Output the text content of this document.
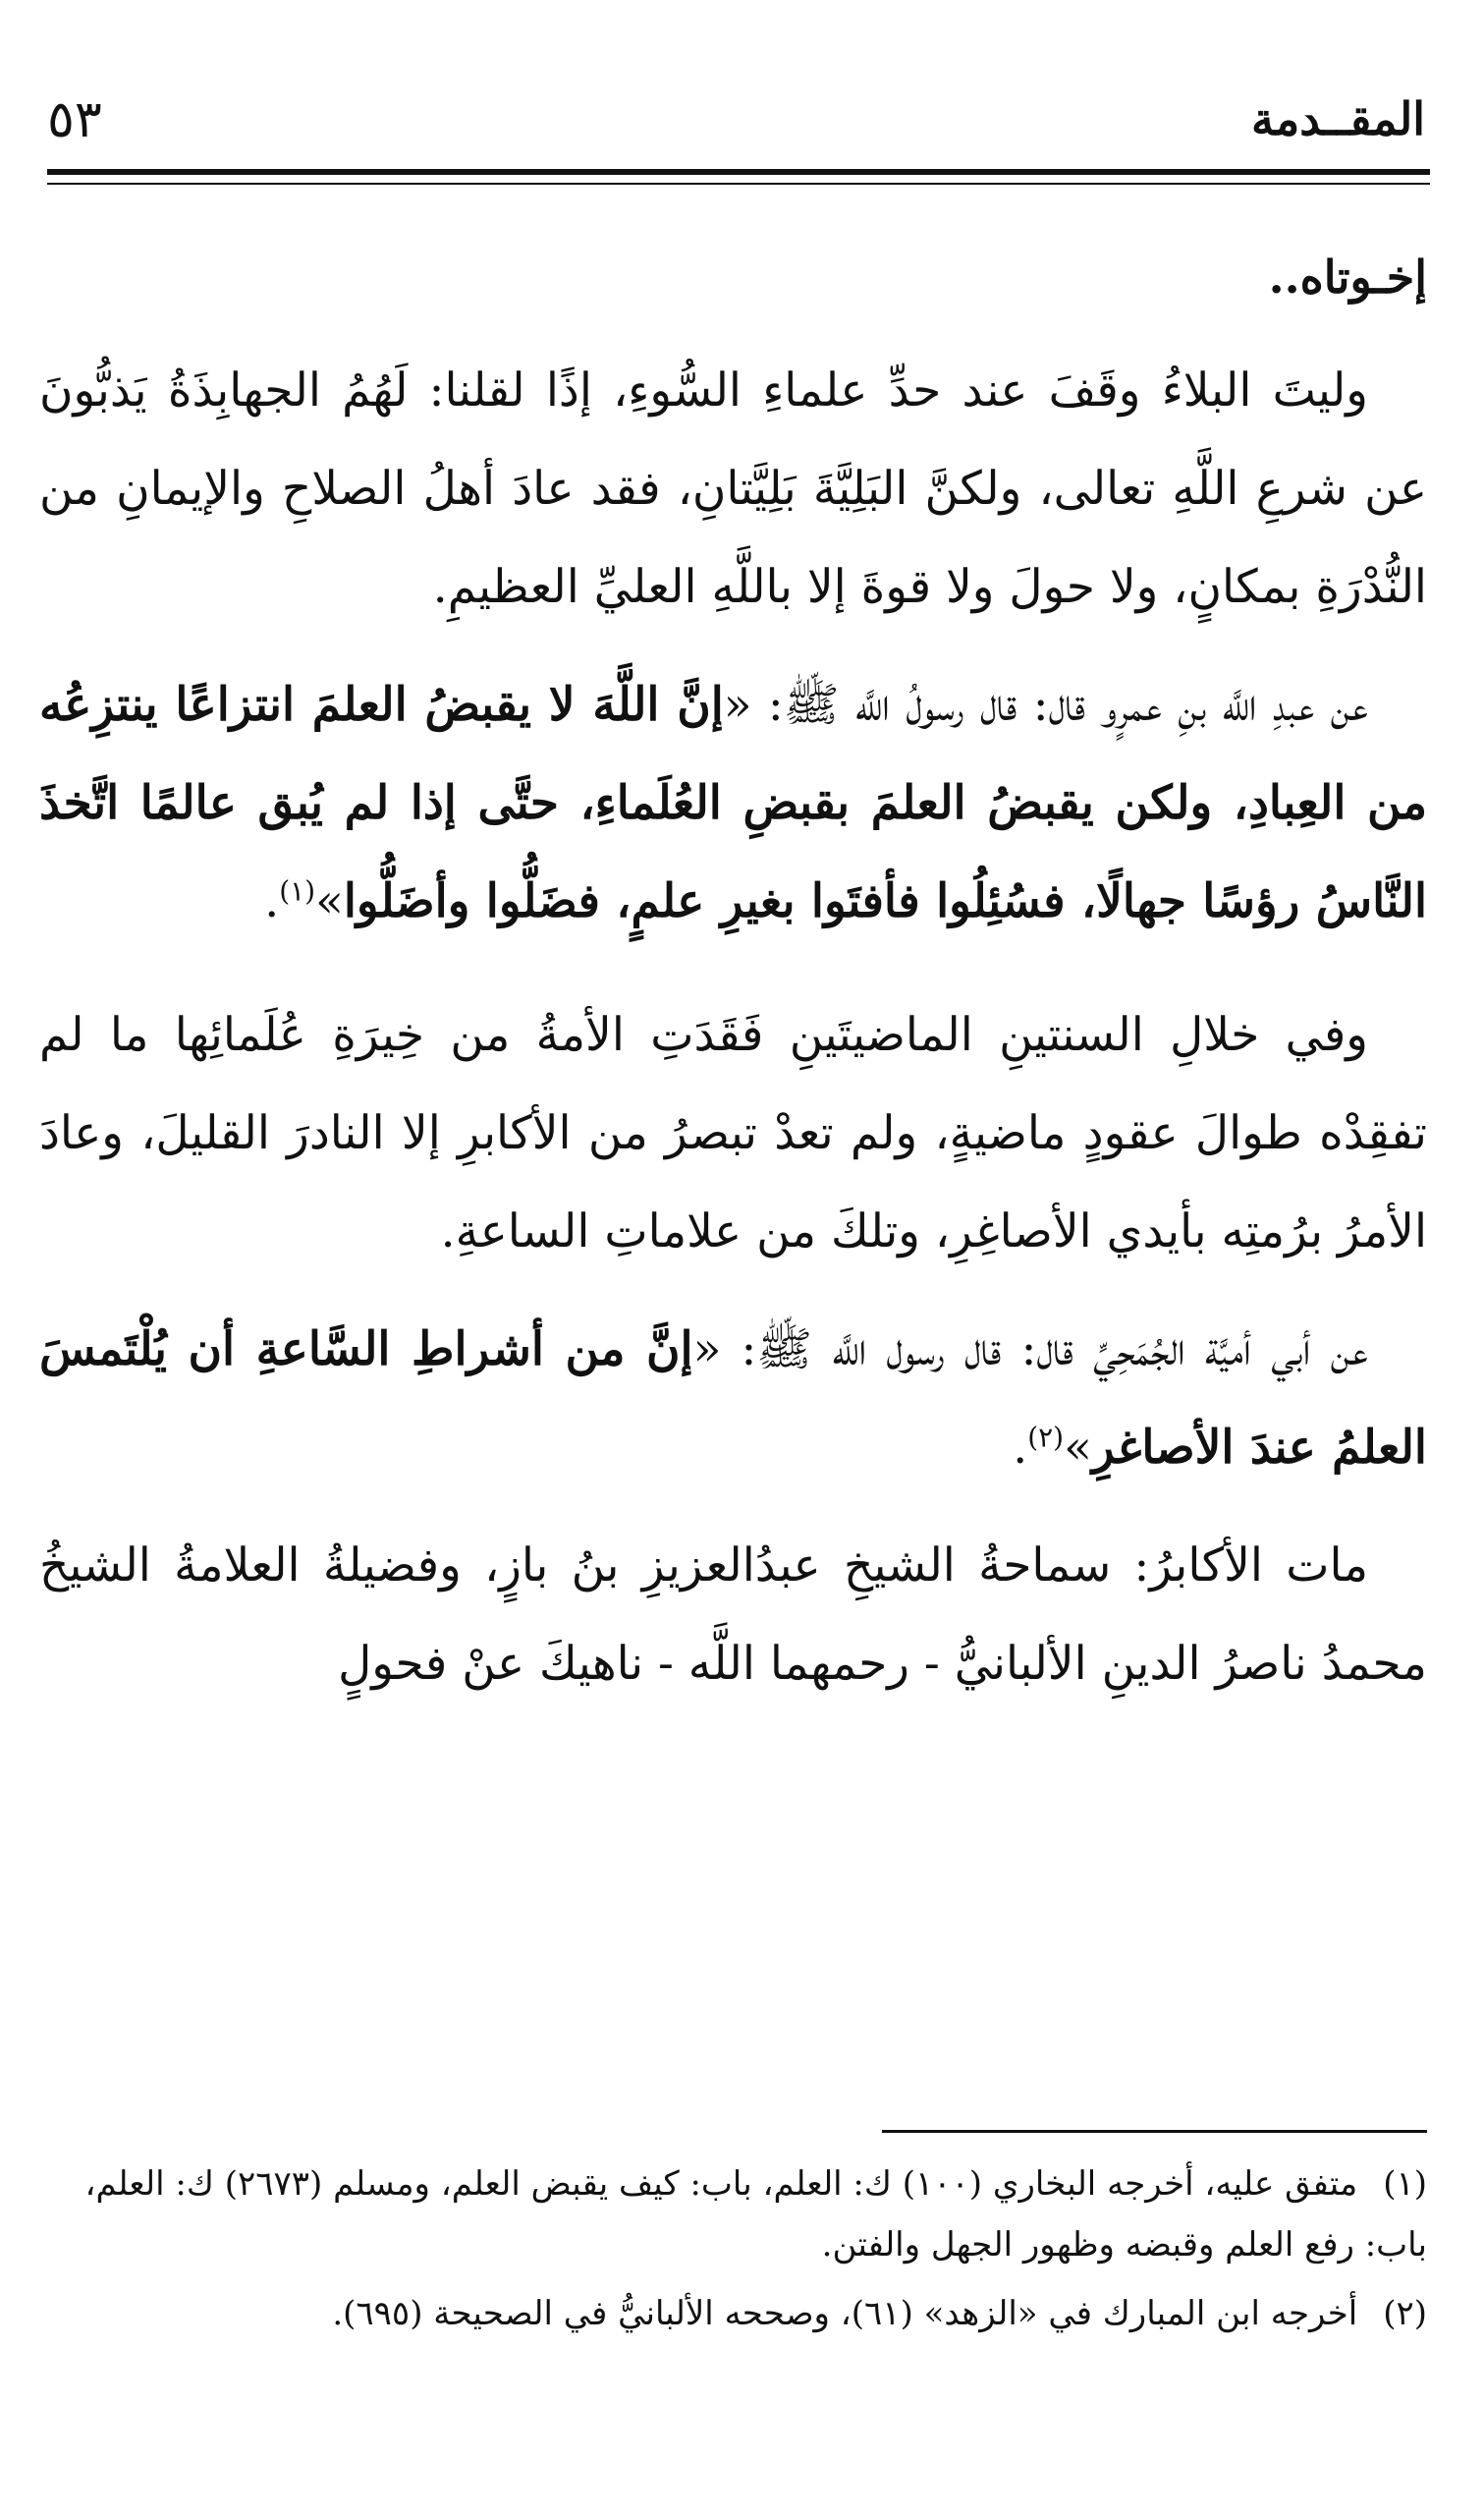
المقــدمة
٥٣
إخـوتاه..

وليتَ البلاءُ وقَفَ عند حدِّ علماءِ السُّوءِ، إذًا لقلنا: لَهُمُ الجهابِذَةُ يَذبُّونَ عن شرعِ اللَّهِ تعالى، ولكنَّ البَلِيَّةَ بَلِيَّتانِ، فقد عادَ أهلُ الصلاحِ والإيمانِ من النُّدْرَةِ بمكانٍ، ولا حولَ ولا قوةَ إلا باللَّهِ العليِّ العظيمِ.

عن عبدِ اللَّه بنِ عمرٍو قال: قال رسولُ اللَّه ﷺ: «إنَّ اللَّهَ لا يقبضُ العلمَ انتزاعًا ينتزِعُه من العِبادِ، ولكن يقبضُ العلمَ بقبضِ العُلَماءِ، حتَّى إذا لم يُبق عالمًا اتَّخذَ النَّاسُ رؤسًا جهالًا، فسُئِلُوا فأفتَوا بغيرِ علمٍ، فضَلُّوا وأضَلُّوا»$^{(١)}$.

وفي خلالِ السنتينِ الماضيتَينِ فَقَدَتِ الأمةُ من خِيرَةِ عُلَمائِها ما لم تفقِدْه طوالَ عقودٍ ماضيةٍ، ولم تعدْ تبصرُ من الأكابرِ إلا النادرَ القليلَ، وعادَ الأمرُ برُمتِه بأيدي الأصاغِرِ، وتلكَ من علاماتِ الساعةِ.

عن أبي أميَّة الجُمَحِيِّ قال: قال رسول اللَّه ﷺ: «إنَّ من أشراطِ السَّاعةِ أن يُلْتَمسَ العلمُ عندَ الأصاغرِ»$^{(٢)}$.

مات الأكابرُ: سماحةُ الشيخِ عبدُالعزيزِ بنُ بازٍ، وفضيلةُ العلامةُ الشيخُ محمدُ ناصرُ الدينِ الألبانيُّ - رحمهما اللَّه - ناهيكَ عنْ فحولٍ

(١) متفق عليه، أخرجه البخاري (١٠٠) ك: العلم، باب: كيف يقبض العلم، ومسلم (٢٦٧٣) ك: العلم، باب: رفع العلم وقبضه وظهور الجهل والفتن.

(٢) أخرجه ابن المبارك في «الزهد» (٦١)، وصححه الألبانيُّ في الصحيحة (٦٩٥).
